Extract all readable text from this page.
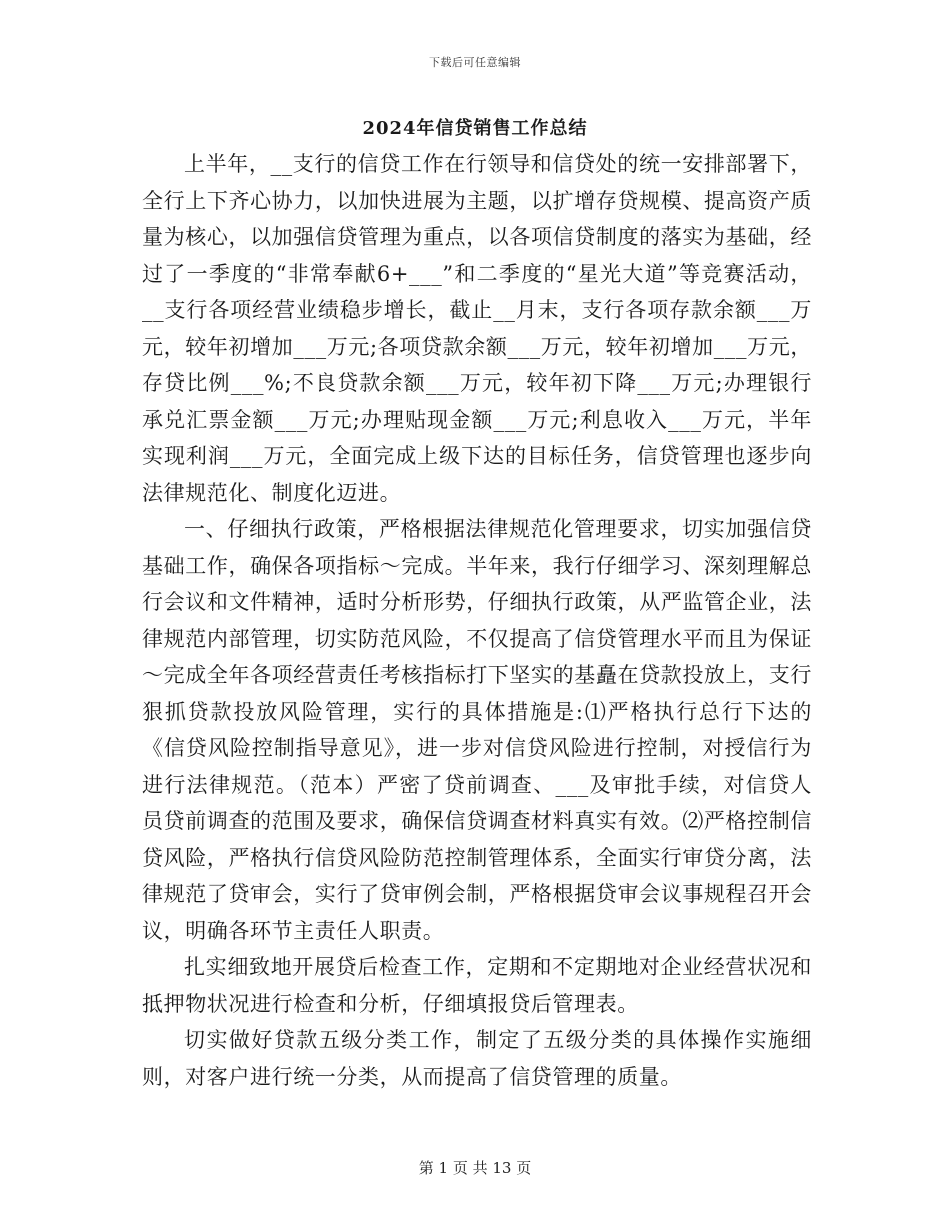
下载后可任意编辑
2024年信贷销售工作总结

上半年，__支行的信贷工作在行领导和信贷处的统一安排部署下，全行上下齐心协力，以加快进展为主题，以扩增存贷规模、提高资产质量为核心，以加强信贷管理为重点，以各项信贷制度的落实为基础，经过了一季度的“非常奉献6+___”和二季度的“星光大道”等竞赛活动，__支行各项经营业绩稳步增长，截止__月末，支行各项存款余额___万元，较年初增加___万元;各项贷款余额___万元，较年初增加___万元，存贷比例___%;不良贷款余额___万元，较年初下降___万元;办理银行承兑汇票金额___万元;办理贴现金额___万元;利息收入___万元，半年实现利润___万元，全面完成上级下达的目标任务，信贷管理也逐步向法律规范化、制度化迈进。

一、仔细执行政策，严格根据法律规范化管理要求，切实加强信贷基础工作，确保各项指标～完成。半年来，我行仔细学习、深刻理解总行会议和文件精神，适时分析形势，仔细执行政策，从严监管企业，法律规范内部管理，切实防范风险，不仅提高了信贷管理水平而且为保证～完成全年各项经营责任考核指标打下坚实的基矗在贷款投放上，支行狠抓贷款投放风险管理，实行的具体措施是:⑴严格执行总行下达的《信贷风险控制指导意见》，进一步对信贷风险进行控制，对授信行为进行法律规范。（范本）严密了贷前调查、___及审批手续，对信贷人员贷前调查的范围及要求，确保信贷调查材料真实有效。⑵严格控制信贷风险，严格执行信贷风险防范控制管理体系，全面实行审贷分离，法律规范了贷审会，实行了贷审例会制，严格根据贷审会议事规程召开会议，明确各环节主责任人职责。

扎实细致地开展贷后检查工作，定期和不定期地对企业经营状况和抵押物状况进行检查和分析，仔细填报贷后管理表。

切实做好贷款五级分类工作，制定了五级分类的具体操作实施细则，对客户进行统一分类，从而提高了信贷管理的质量。

第 1 页 共 13 页
